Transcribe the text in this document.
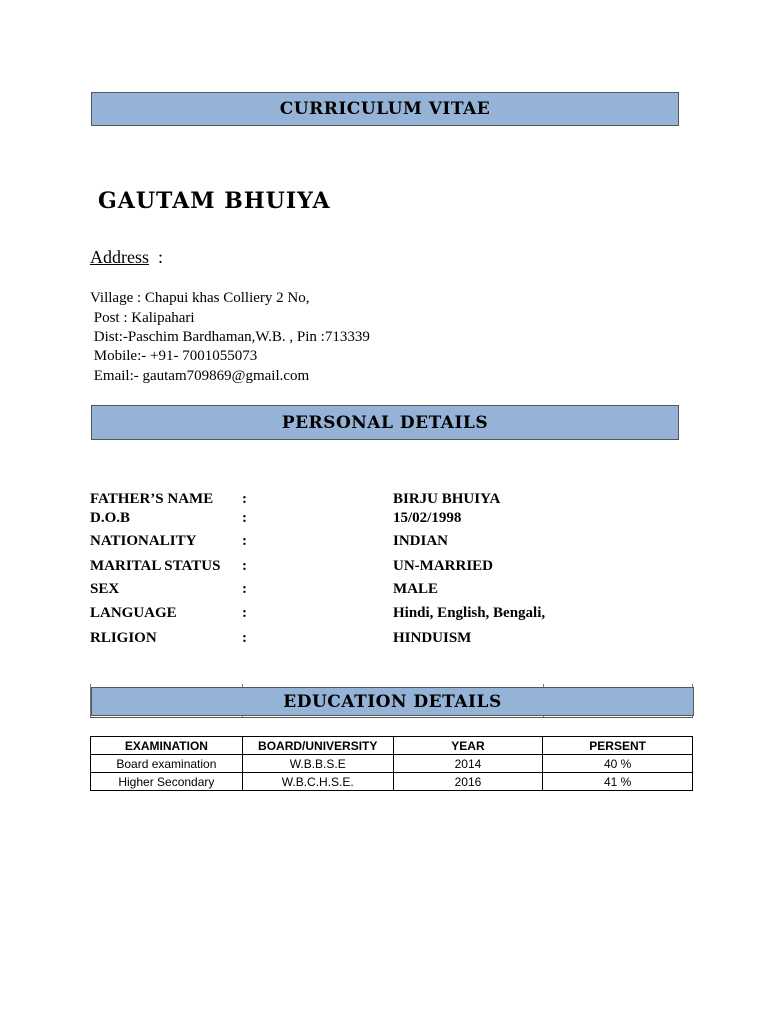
CURRICULUM VITAE
GAUTAM BHUIYA
Address :
Village : Chapui khas Colliery 2 No,
Post : Kalipahari
Dist:-Paschim Bardhaman,W.B. , Pin :713339
Mobile:- +91- 7001055073
Email:- gautam709869@gmail.com
PERSONAL DETAILS
FATHER’S NAME :	BIRJU BHUIYA
D.O.B	:	15/02/1998
NATIONALITY	:	INDIAN
MARITAL STATUS :	UN-MARRIED
SEX	:	MALE
LANGUAGE	:	Hindi, English, Bengali,
RLIGION	:	HINDUISM
EDUCATION DETAILS
EXAMINATION	BOARD/UNIVERSITY	YEAR	PERSENT
Board examination	W.B.B.S.E	2014	40 %
Higher Secondary	W.B.C.H.S.E.	2016	41 %
